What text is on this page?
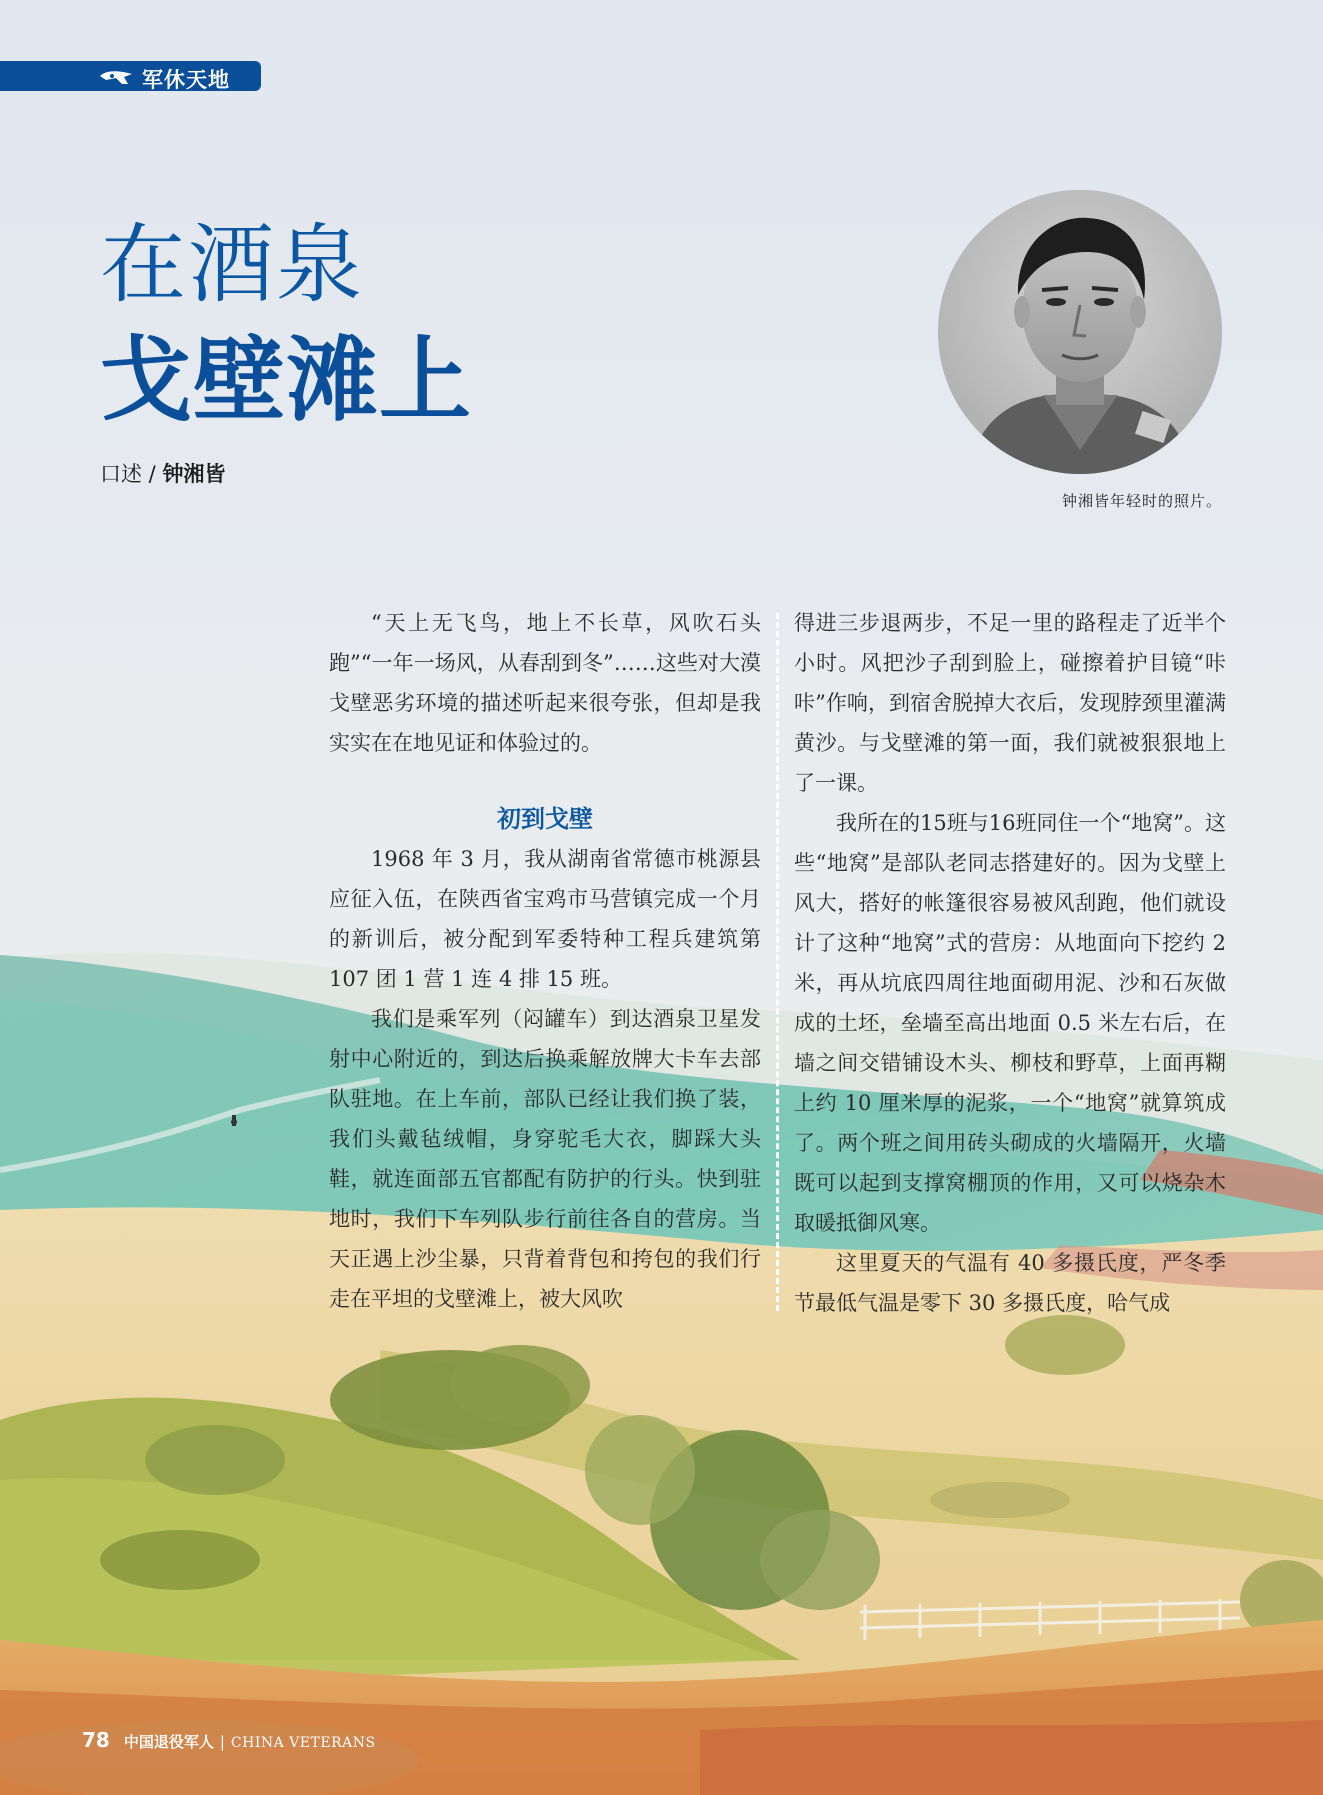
军休天地
在酒泉
戈壁滩上
口述 / 钟湘皆
钟湘皆年轻时的照片。

“天上无飞鸟，地上不长草，风吹石头跑”“一年一场风，从春刮到冬”……这些对大漠戈壁恶劣环境的描述听起来很夸张，但却是我实实在在地见证和体验过的。

初到戈壁

1968 年 3 月，我从湖南省常德市桃源县应征入伍，在陕西省宝鸡市马营镇完成一个月的新训后，被分配到军委特种工程兵建筑第 107 团 1 营 1 连 4 排 15 班。

我们是乘军列（闷罐车）到达酒泉卫星发射中心附近的，到达后换乘解放牌大卡车去部队驻地。在上车前，部队已经让我们换了装，我们头戴毡绒帽，身穿驼毛大衣，脚踩大头鞋，就连面部五官都配有防护的行头。快到驻地时，我们下车列队步行前往各自的营房。当天正遇上沙尘暴，只背着背包和挎包的我们行走在平坦的戈壁滩上，被大风吹

得进三步退两步，不足一里的路程走了近半个小时。风把沙子刮到脸上，碰擦着护目镜“咔咔”作响，到宿舍脱掉大衣后，发现脖颈里灌满黄沙。与戈壁滩的第一面，我们就被狠狠地上了一课。

我所在的15班与16班同住一个“地窝”。这些“地窝”是部队老同志搭建好的。因为戈壁上风大，搭好的帐篷很容易被风刮跑，他们就设计了这种“地窝”式的营房：从地面向下挖约 2 米，再从坑底四周往地面砌用泥、沙和石灰做成的土坯，垒墙至高出地面 0.5 米左右后，在墙之间交错铺设木头、柳枝和野草，上面再糊上约 10 厘米厚的泥浆，一个“地窝”就算筑成了。两个班之间用砖头砌成的火墙隔开，火墙既可以起到支撑窝棚顶的作用，又可以烧杂木取暖抵御风寒。

这里夏天的气温有 40 多摄氏度，严冬季节最低气温是零下 30 多摄氏度，哈气成

78 中国退役军人 | CHINA VETERANS
